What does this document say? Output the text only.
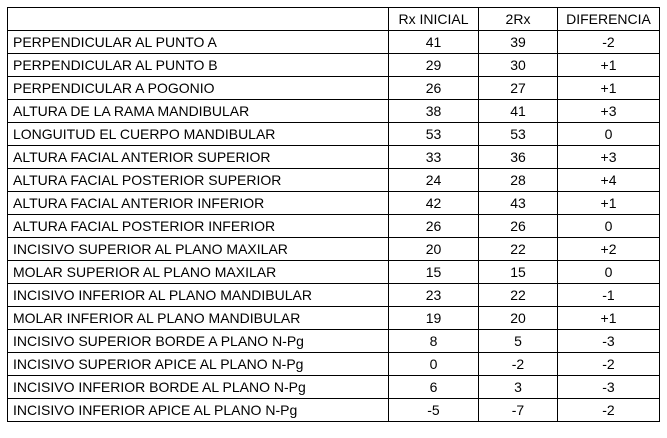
	Rx INICIAL	2Rx	DIFERENCIA
PERPENDICULAR AL PUNTO A	41	39	-2
PERPENDICULAR AL PUNTO B	29	30	+1
PERPENDICULAR A POGONIO	26	27	+1
ALTURA DE LA RAMA MANDIBULAR	38	41	+3
LONGUITUD EL CUERPO MANDIBULAR	53	53	0
ALTURA FACIAL ANTERIOR SUPERIOR	33	36	+3
ALTURA FACIAL POSTERIOR SUPERIOR	24	28	+4
ALTURA FACIAL ANTERIOR INFERIOR	42	43	+1
ALTURA FACIAL POSTERIOR INFERIOR	26	26	0
INCISIVO SUPERIOR AL PLANO MAXILAR	20	22	+2
MOLAR SUPERIOR AL PLANO MAXILAR	15	15	0
INCISIVO INFERIOR AL PLANO MANDIBULAR	23	22	-1
MOLAR INFERIOR AL PLANO MANDIBULAR	19	20	+1
INCISIVO SUPERIOR BORDE A PLANO N-Pg	8	5	-3
INCISIVO SUPERIOR APICE AL PLANO N-Pg	0	-2	-2
INCISIVO INFERIOR BORDE AL PLANO N-Pg	6	3	-3
INCISIVO INFERIOR APICE AL PLANO N-Pg	-5	-7	-2
